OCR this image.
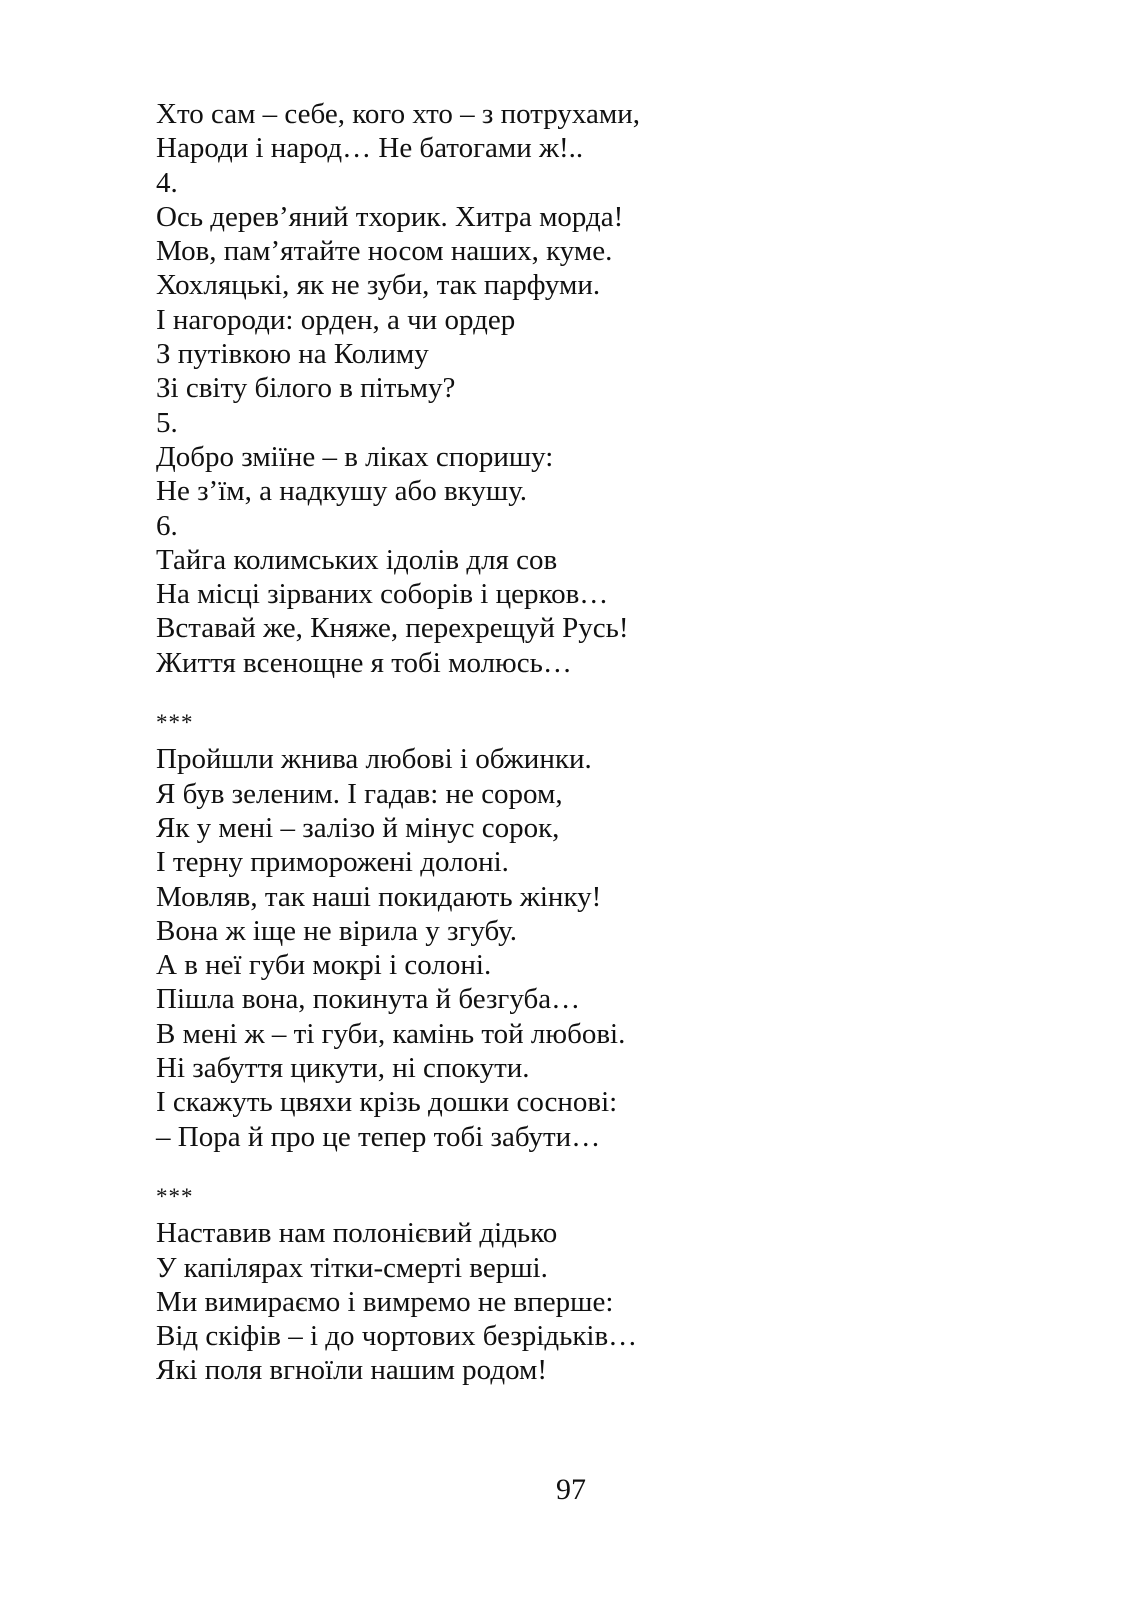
Хто сам – себе, кого хто – з потрухами,
Народи і народ… Не батогами ж!..
4.
Ось дерев’яний тхорик. Хитра морда!
Мов, пам’ятайте носом наших, куме.
Хохляцькі, як не зуби, так парфуми.
І нагороди: орден, а чи ордер
З путівкою на Колиму
Зі світу білого в пітьму?
5.
Добро зміїне – в ліках споришу:
Не з’їм, а надкушу або вкушу.
6.
Тайга колимських ідолів для сов
На місці зірваних соборів і церков…
Вставай же, Княже, перехрещуй Русь!
Життя всенощне я тобі молюсь…
***
Пройшли жнива любові і обжинки.
Я був зеленим. І гадав: не сором,
Як у мені – залізо й мінус сорок,
І терну приморожені долоні.
Мовляв, так наші покидають жінку!
Вона ж іще не вірила у згубу.
А в неї губи мокрі і солоні.
Пішла вона, покинута й безгуба…
В мені ж – ті губи, камінь той любові.
Ні забуття цикути, ні спокути.
І скажуть цвяхи крізь дошки соснові:
– Пора й про це тепер тобі забути…
***
Наставив нам полонієвий дідько
У капілярах тітки-смерті верші.
Ми вимираємо і вимремо не вперше:
Від скіфів – і до чортових безрідьків…
Які поля вгноїли нашим родом!
97
